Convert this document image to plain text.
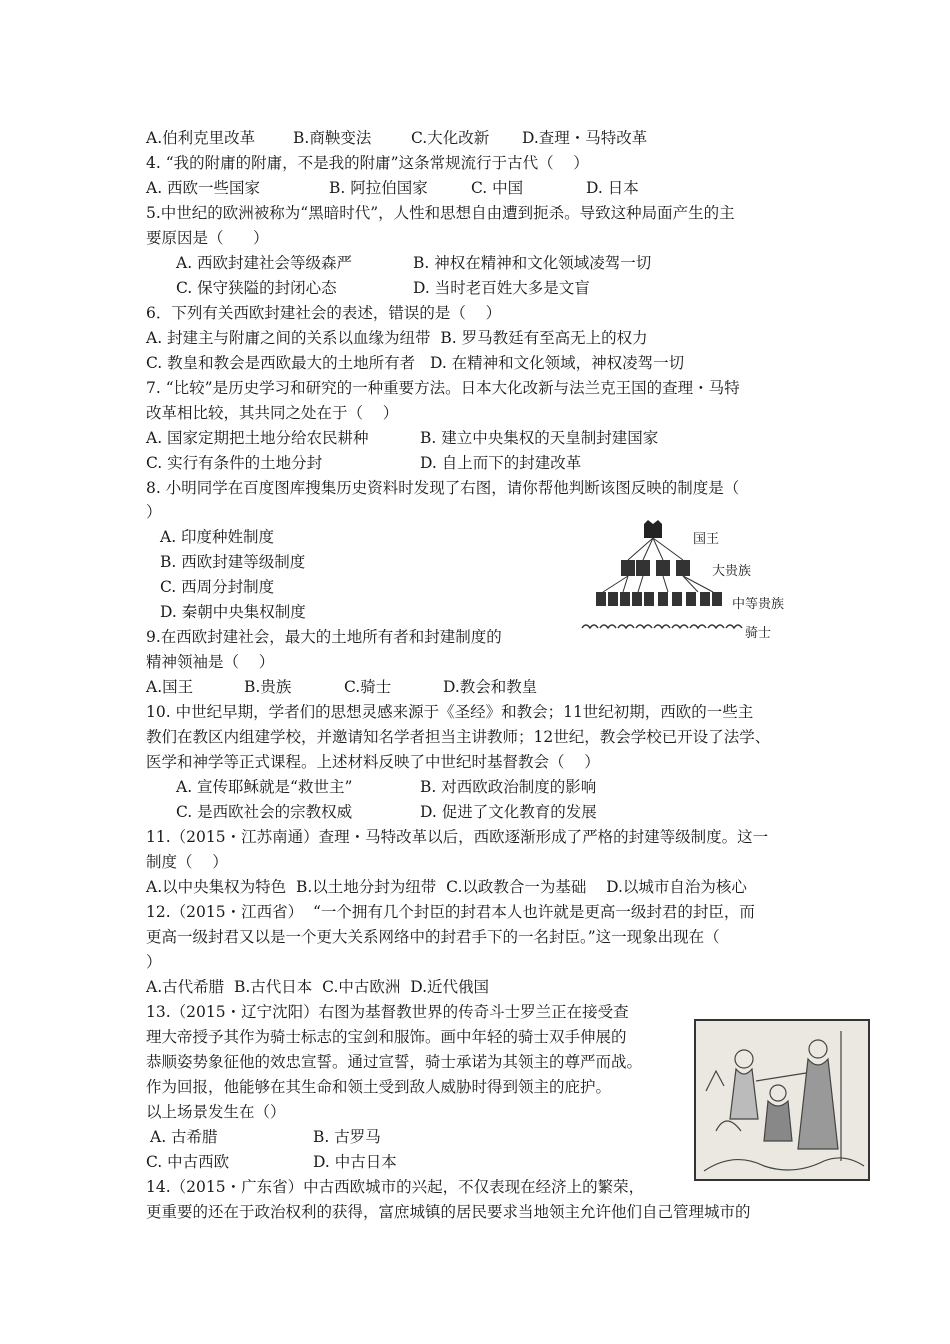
A.伯利克里改革 B.商鞅变法	C.大化改新 D.查理・马特改革
4. “我的附庸的附庸，不是我的附庸”这条常规流行于古代（    ）
A. 西欧一些国家	B. 阿拉伯国家	C. 中国	D. 日本
5.中世纪的欧洲被称为“黑暗时代”，人性和思想自由遭到扼杀。导致这种局面产生的主
要原因是（      ）
A. 西欧封建社会等级森严	B. 神权在精神和文化领域凌驾一切
C. 保守狭隘的封闭心态	D. 当时老百姓大多是文盲
6．下列有关西欧封建社会的表述，错误的是（    ）
A. 封建主与附庸之间的关系以血缘为纽带  B. 罗马教廷有至高无上的权力
C. 教皇和教会是西欧最大的土地所有者   D. 在精神和文化领域，神权凌驾一切
7. “比较”是历史学习和研究的一种重要方法。日本大化改新与法兰克王国的查理・马特
改革相比较，其共同之处在于（    ）
A. 国家定期把土地分给农民耕种	B. 建立中央集权的天皇制封建国家
C. 实行有条件的土地分封	D. 自上而下的封建改革
8. 小明同学在百度图库搜集历史资料时发现了右图，请你帮他判断该图反映的制度是（
）
A. 印度种姓制度
B. 西欧封建等级制度
C. 西周分封制度
D. 秦朝中央集权制度
国王
大贵族
中等贵族
骑士
9.在西欧封建社会，最大的土地所有者和封建制度的
精神领袖是（    ）
A.国王	B.贵族	C.骑士	D.教会和教皇
10. 中世纪早期，学者们的思想灵感来源于《圣经》和教会；11世纪初期，西欧的一些主
教们在教区内组建学校，并邀请知名学者担当主讲教师；12世纪，教会学校已开设了法学、
医学和神学等正式课程。上述材料反映了中世纪时基督教会（    ）
A. 宣传耶稣就是“救世主”	B. 对西欧政治制度的影响
C. 是西欧社会的宗教权威	D. 促进了文化教育的发展
11.（2015・江苏南通）查理・马特改革以后，西欧逐渐形成了严格的封建等级制度。这一
制度（    ）
A.以中央集权为特色  B.以土地分封为纽带  C.以政教合一为基础    D.以城市自治为核心
12.（2015・江西省）  “一个拥有几个封臣的封君本人也许就是更高一级封君的封臣，而
更高一级封君又以是一个更大关系网络中的封君手下的一名封臣。”这一现象出现在（
）
A.古代希腊  B.古代日本  C.中古欧洲  D.近代俄国
13.（2015・辽宁沈阳）右图为基督教世界的传奇斗士罗兰正在接受查
理大帝授予其作为骑士标志的宝剑和服饰。画中年轻的骑士双手伸展的
恭顺姿势象征他的效忠宣誓。通过宣誓，骑士承诺为其领主的尊严而战。
作为回报，他能够在其生命和领土受到敌人威胁时得到领主的庇护。
以上场景发生在（）
A. 古希腊	B. 古罗马
C. 中古西欧	D. 中古日本
14.（2015・广东省）中古西欧城市的兴起，不仅表现在经济上的繁荣，
更重要的还在于政治权利的获得，富庶城镇的居民要求当地领主允许他们自己管理城市的
